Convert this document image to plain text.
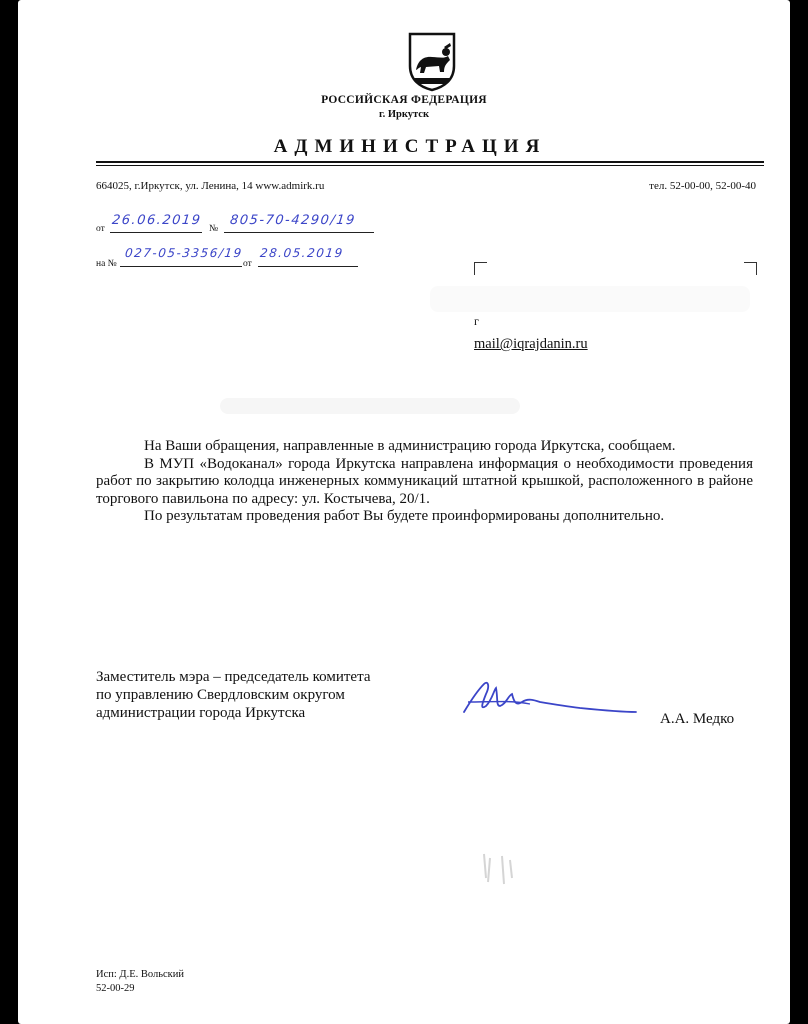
РОССИЙСКАЯ ФЕДЕРАЦИЯ
г. Иркутск
АДМИНИСТРАЦИЯ
664025, г.Иркутск, ул. Ленина, 14 www.admirk.ru	тел. 52-00-00, 52-00-40
от
26.06.2019
№
805-70-4290/19
на №
027-05-3356/19
от
28.05.2019
г
mail@iqrajdanin.ru

На Ваши обращения, направленные в администрацию города Иркутска, сообщаем.

В МУП «Водоканал» города Иркутска направлена информация о необходимости проведения работ по закрытию колодца инженерных коммуникаций штатной крышкой, расположенного в районе торгового павильона по адресу: ул. Костычева, 20/1.

По результатам проведения работ Вы будете проинформированы дополнительно.

Заместитель мэра – председатель комитета
по управлению Свердловским округом
администрации города Иркутска	А.А. Медко
Исп: Д.Е. Вольский
52-00-29
